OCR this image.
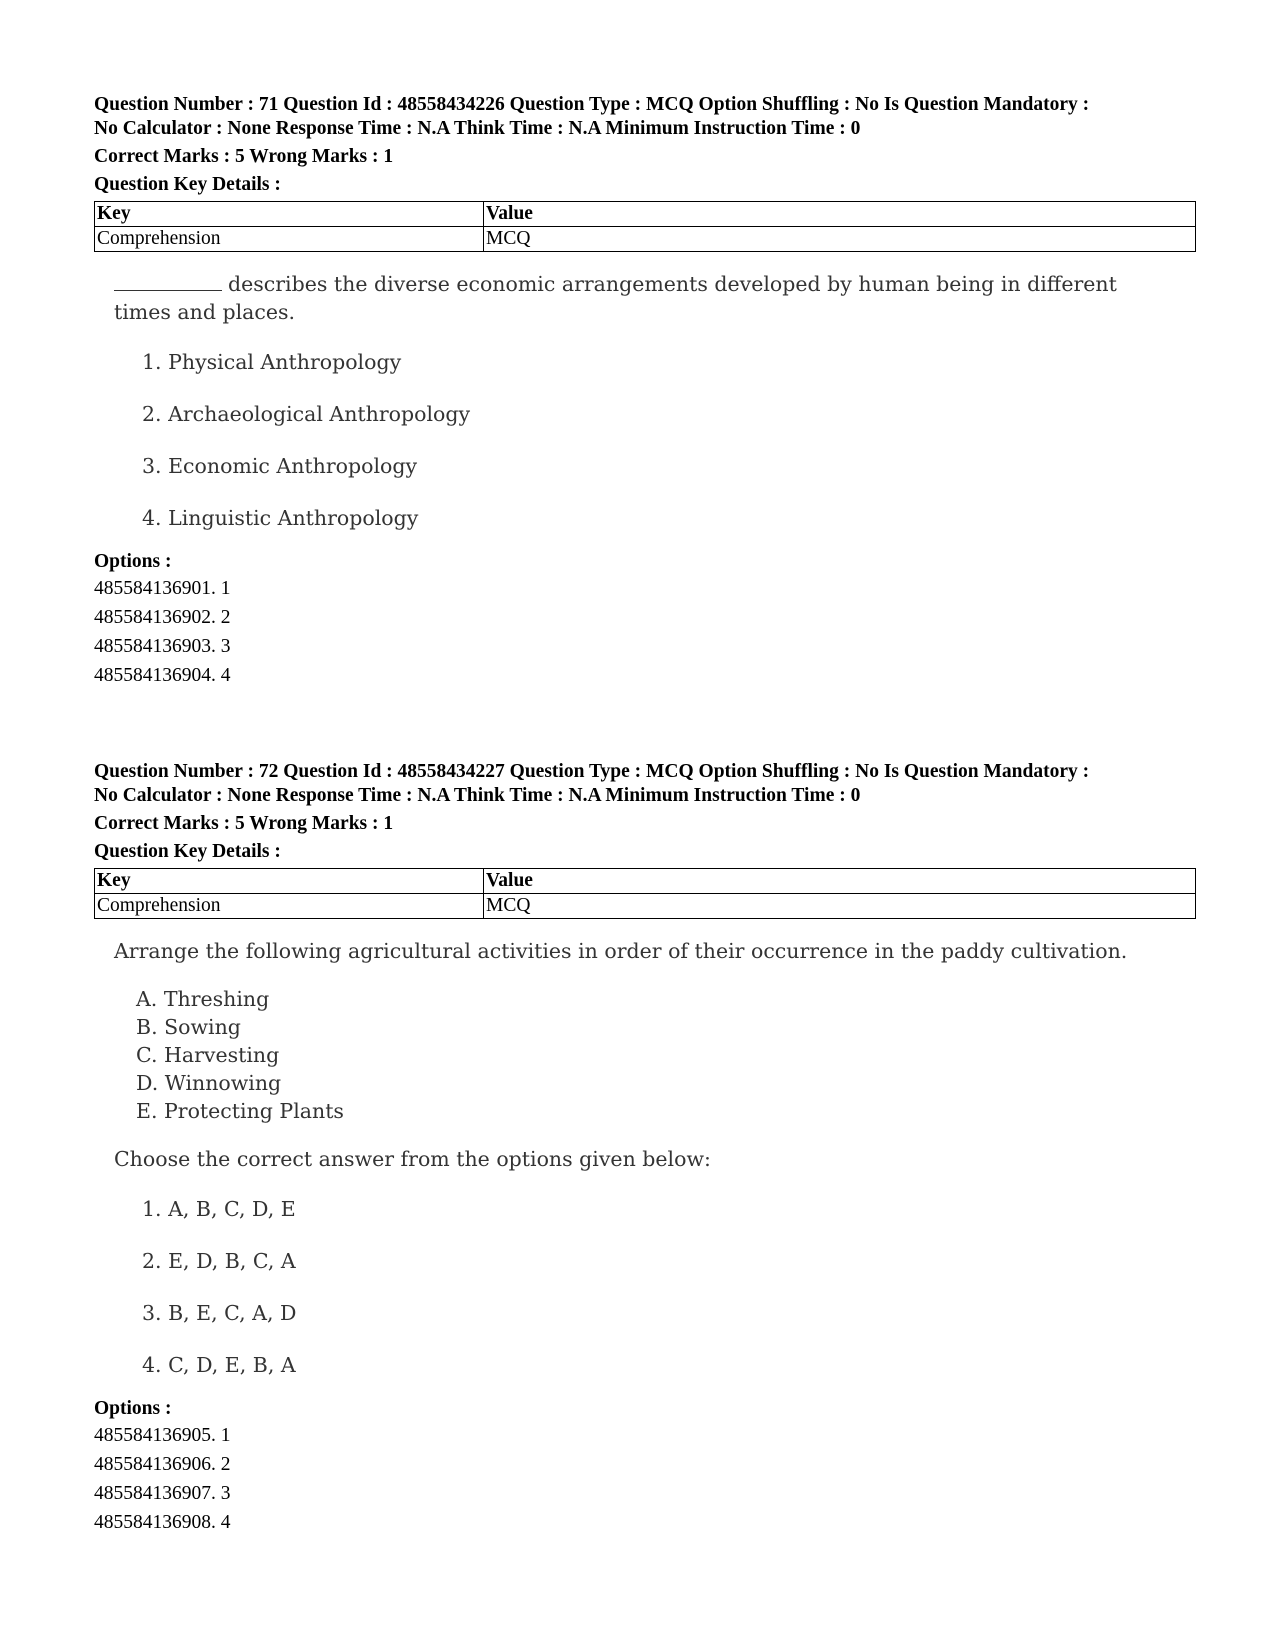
Question Number : 71 Question Id : 48558434226 Question Type : MCQ Option Shuffling : No Is Question Mandatory :
No Calculator : None Response Time : N.A Think Time : N.A Minimum Instruction Time : 0
Correct Marks : 5 Wrong Marks : 1
Question Key Details :
Key	Value
Comprehension	MCQ
describes the diverse economic arrangements developed by human being in different times and places.
1. Physical Anthropology
2. Archaeological Anthropology
3. Economic Anthropology
4. Linguistic Anthropology
Options :
485584136901. 1
485584136902. 2
485584136903. 3
485584136904. 4
Question Number : 72 Question Id : 48558434227 Question Type : MCQ Option Shuffling : No Is Question Mandatory :
No Calculator : None Response Time : N.A Think Time : N.A Minimum Instruction Time : 0
Correct Marks : 5 Wrong Marks : 1
Question Key Details :
Key	Value
Comprehension	MCQ
Arrange the following agricultural activities in order of their occurrence in the paddy cultivation.
A. Threshing
B. Sowing
C. Harvesting
D. Winnowing
E. Protecting Plants
Choose the correct answer from the options given below:
1. A, B, C, D, E
2. E, D, B, C, A
3. B, E, C, A, D
4. C, D, E, B, A
Options :
485584136905. 1
485584136906. 2
485584136907. 3
485584136908. 4
